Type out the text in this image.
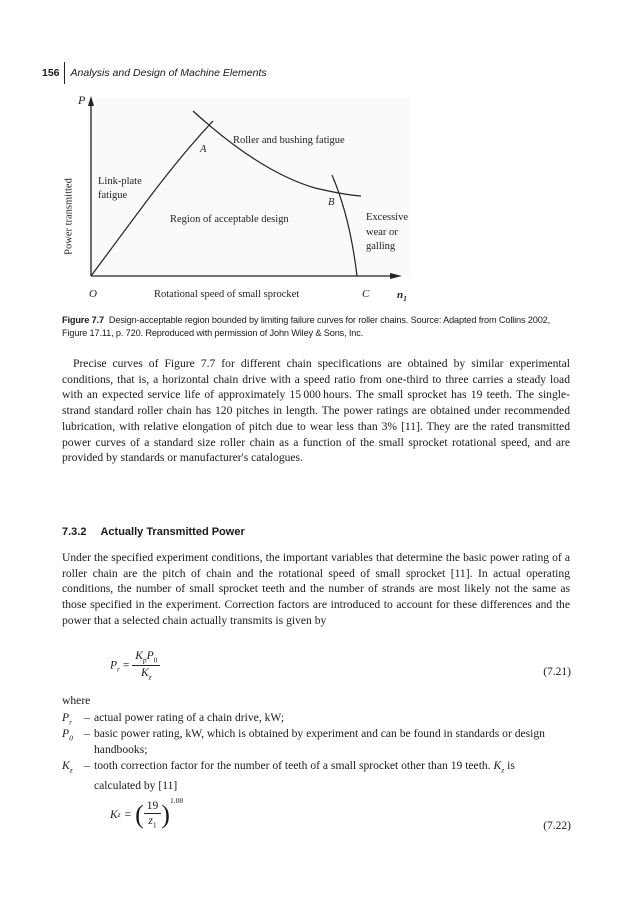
156	Analysis and Design of Machine Elements
P
Power transmitted Link-plate
fatigue
A
Roller and bushing fatigue
B
Region of acceptable design	Excessive
wear or
galling
O	Rotational speed of small sprocket	C	$n_1$
Figure 7.7 Design-acceptable region bounded by limiting failure curves for roller chains. Source: Adapted from Collins 2002, Figure 17.11, p. 720. Reproduced with permission of John Wiley & Sons, Inc.
Precise curves of Figure 7.7 for different chain specifications are obtained by similar experimental conditions, that is, a horizontal chain drive with a speed ratio from one-third to three carries a steady load with an expected service life of approximately 15 000 hours. The small sprocket has 19 teeth. The single-strand standard roller chain has 120 pitches in length. The power ratings are obtained under recommended lubrication, with relative elongation of pitch due to wear less than 3% [11]. They are the rated transmitted power curves of a standard size roller chain as a function of the small sprocket rotational speed, and are provided by standards or manufacturer's catalogues.
7.3.2 Actually Transmitted Power
Under the specified experiment conditions, the important variables that determine the basic power rating of a roller chain are the pitch of chain and the rotational speed of small sprocket [11]. In actual operating conditions, the number of small sprocket teeth and the number of strands are most likely not the same as those specified in the experiment. Correction factors are introduced to account for these differences and the power that a selected chain actually transmits is given by
$P_r = \frac{K_pP_0}{K_z}$	(7.21)
where
$P_r$	– actual power rating of a chain drive, kW;
$P_0$ – basic power rating, kW, which is obtained by experiment and can be found in standards or design handbooks;
$K_z$ – tooth correction factor for the number of teeth of a small sprocket other than 19 teeth. $K_z$ is calculated by [11]
K z = ( $\frac{19}{z_1} )^{1.08}$
(7.22)
